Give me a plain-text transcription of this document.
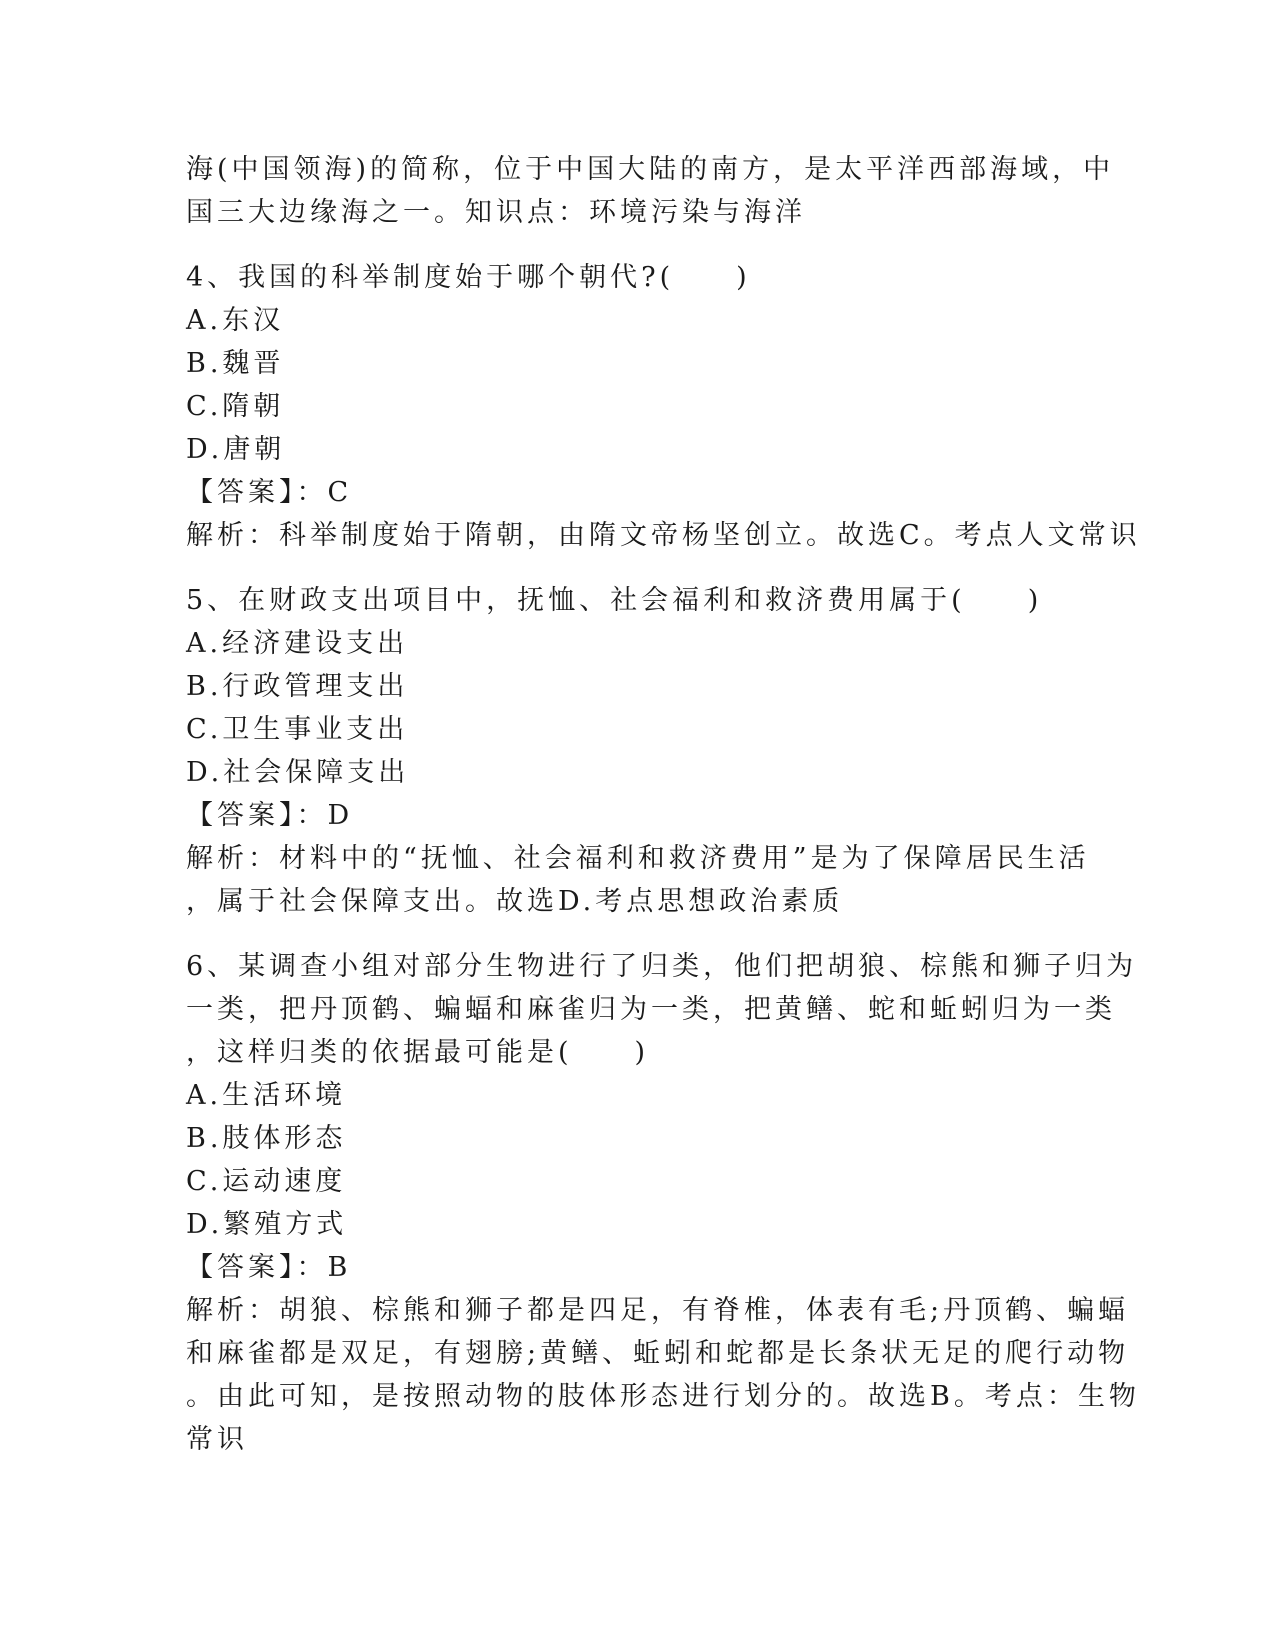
海(中国领海)的简称，位于中国大陆的南方，是太平洋西部海域，中
国三大边缘海之一。知识点：环境污染与海洋
4、我国的科举制度始于哪个朝代?(　　)
A.东汉
B.魏晋
C.隋朝
D.唐朝
【答案】：C
解析：科举制度始于隋朝，由隋文帝杨坚创立。故选C。考点人文常识
5、在财政支出项目中，抚恤、社会福利和救济费用属于(　　)
A.经济建设支出
B.行政管理支出
C.卫生事业支出
D.社会保障支出
【答案】：D
解析：材料中的“抚恤、社会福利和救济费用”是为了保障居民生活
，属于社会保障支出。故选D.考点思想政治素质
6、某调查小组对部分生物进行了归类，他们把胡狼、棕熊和狮子归为
一类，把丹顶鹤、蝙蝠和麻雀归为一类，把黄鳝、蛇和蚯蚓归为一类
，这样归类的依据最可能是(　　)
A.生活环境
B.肢体形态
C.运动速度
D.繁殖方式
【答案】：B
解析：胡狼、棕熊和狮子都是四足，有脊椎，体表有毛;丹顶鹤、蝙蝠
和麻雀都是双足，有翅膀;黄鳝、蚯蚓和蛇都是长条状无足的爬行动物
。由此可知，是按照动物的肢体形态进行划分的。故选B。考点：生物
常识
